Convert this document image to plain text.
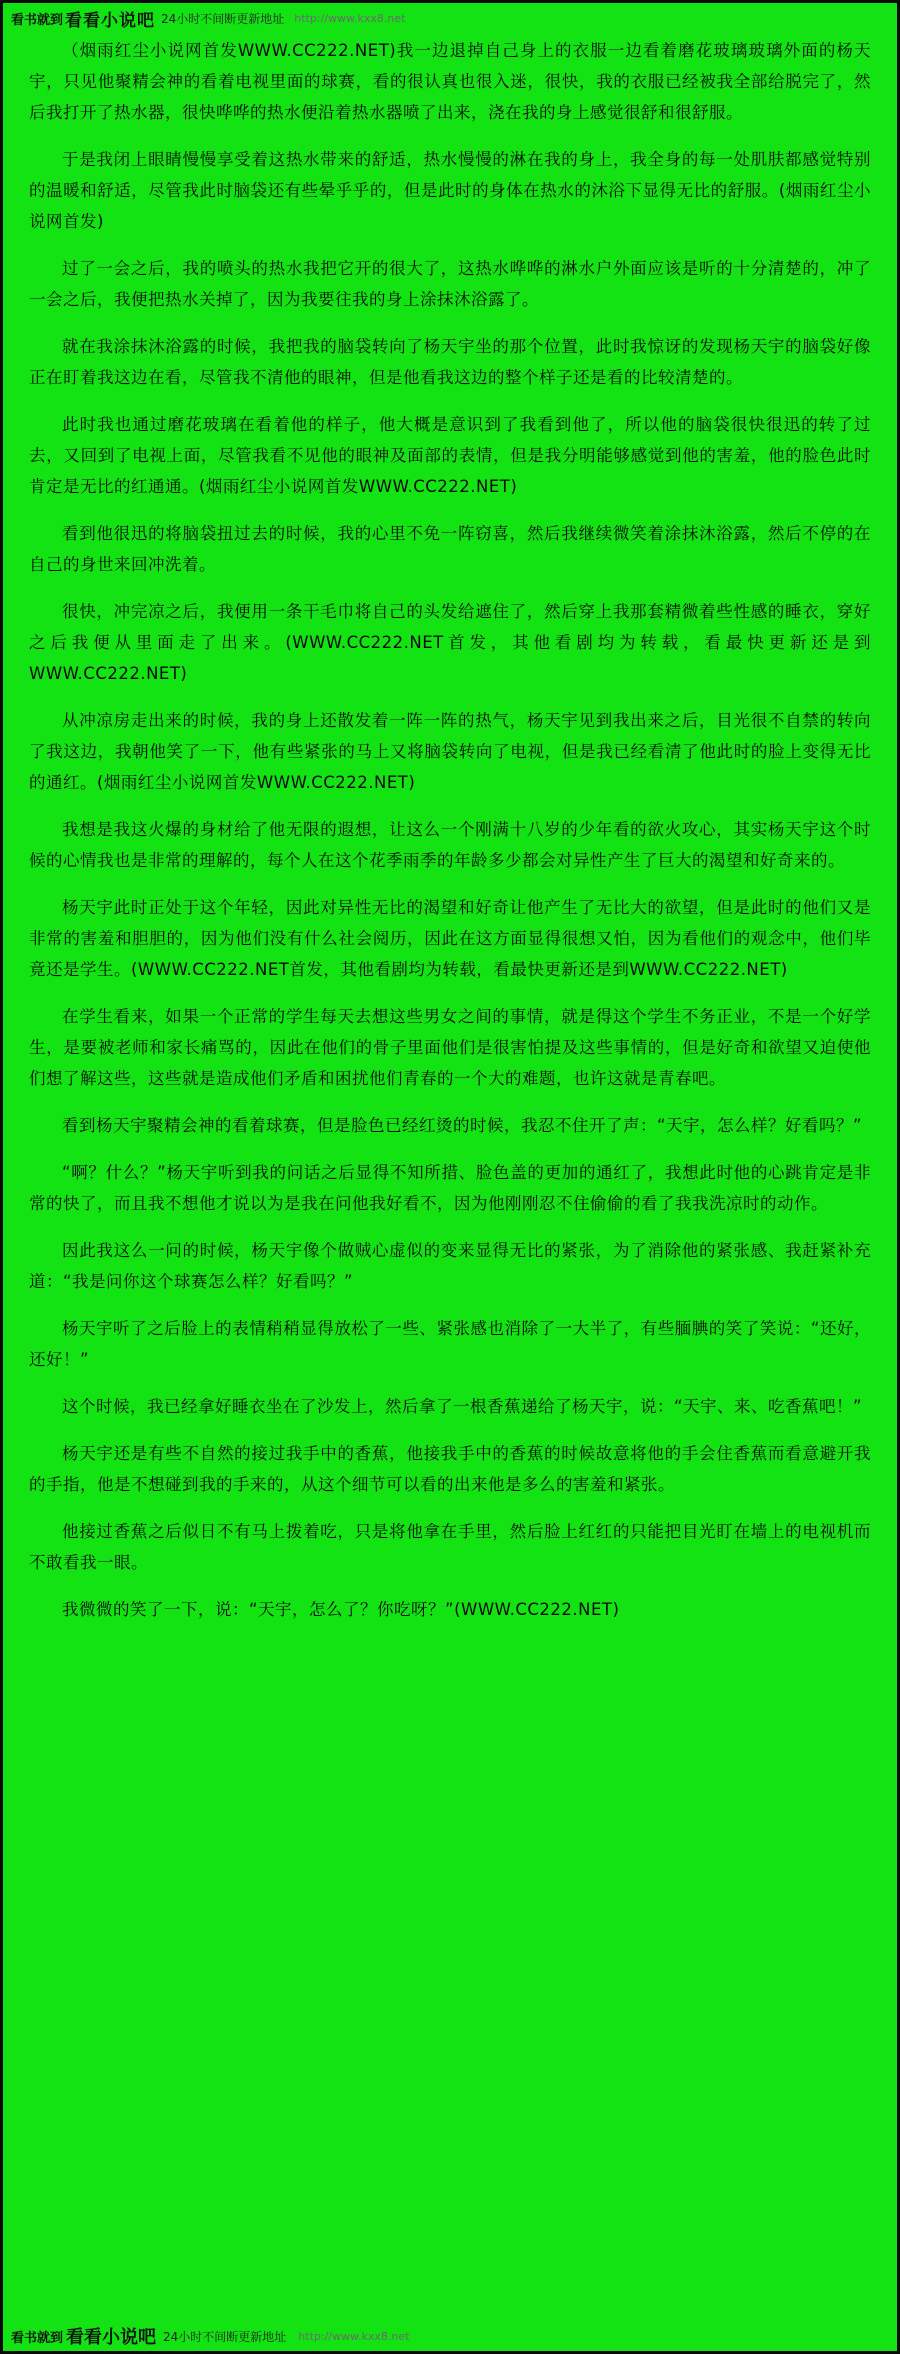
看书就到 看看小说吧 24小时不间断更新地址 http://www.kxx8.net

（烟雨红尘小说网首发WWW.CC222.NET)我一边退掉自己身上的衣服一边看着磨花玻璃玻璃外面的杨天宇，只见他聚精会神的看着电视里面的球赛，看的很认真也很入迷，很快，我的衣服已经被我全部给脱完了，然后我打开了热水器，很快哗哗的热水便沿着热水器喷了出来，浇在我的身上感觉很舒和很舒服。

于是我闭上眼睛慢慢享受着这热水带来的舒适，热水慢慢的淋在我的身上，我全身的每一处肌肤都感觉特别的温暖和舒适，尽管我此时脑袋还有些晕乎乎的，但是此时的身体在热水的沐浴下显得无比的舒服。(烟雨红尘小说网首发)

过了一会之后，我的喷头的热水我把它开的很大了，这热水哗哗的淋水户外面应该是听的十分清楚的，冲了一会之后，我便把热水关掉了，因为我要往我的身上涂抹沐浴露了。

就在我涂抹沐浴露的时候，我把我的脑袋转向了杨天宇坐的那个位置，此时我惊讶的发现杨天宇的脑袋好像正在盯着我这边在看，尽管我不清他的眼神，但是他看我这边的整个样子还是看的比较清楚的。

此时我也通过磨花玻璃在看着他的样子，他大概是意识到了我看到他了，所以他的脑袋很快很迅的转了过去，又回到了电视上面，尽管我看不见他的眼神及面部的表情，但是我分明能够感觉到他的害羞，他的脸色此时肯定是无比的红通通。(烟雨红尘小说网首发WWW.CC222.NET)

看到他很迅的将脑袋扭过去的时候，我的心里不免一阵窃喜，然后我继续微笑着涂抹沐浴露，然后不停的在自己的身世来回冲洗着。

很快，冲完凉之后，我便用一条干毛巾将自己的头发给遮住了，然后穿上我那套精微着些性感的睡衣，穿好之后我便从里面走了出来。(WWW.CC222.NET首发，其他看剧均为转载，看最快更新还是到WWW.CC222.NET)

从冲凉房走出来的时候，我的身上还散发着一阵一阵的热气，杨天宇见到我出来之后，目光很不自禁的转向了我这边，我朝他笑了一下，他有些紧张的马上又将脑袋转向了电视，但是我已经看清了他此时的脸上变得无比的通红。(烟雨红尘小说网首发WWW.CC222.NET)

我想是我这火爆的身材给了他无限的遐想，让这么一个刚满十八岁的少年看的欲火攻心，其实杨天宇这个时候的心情我也是非常的理解的，每个人在这个花季雨季的年龄多少都会对异性产生了巨大的渴望和好奇来的。

杨天宇此时正处于这个年轻，因此对异性无比的渴望和好奇让他产生了无比大的欲望，但是此时的他们又是非常的害羞和胆胆的，因为他们没有什么社会阅历，因此在这方面显得很想又怕，因为看他们的观念中，他们毕竟还是学生。(WWW.CC222.NET首发，其他看剧均为转载，看最快更新还是到WWW.CC222.NET)

在学生看来，如果一个正常的学生每天去想这些男女之间的事情，就是得这个学生不务正业，不是一个好学生，是要被老师和家长痛骂的，因此在他们的骨子里面他们是很害怕提及这些事情的，但是好奇和欲望又迫使他们想了解这些，这些就是造成他们矛盾和困扰他们青春的一个大的难题，也许这就是青春吧。

看到杨天宇聚精会神的看着球赛，但是脸色已经红烫的时候，我忍不住开了声：“天宇，怎么样？好看吗？”

“啊？什么？”杨天宇听到我的问话之后显得不知所措、脸色盖的更加的通红了，我想此时他的心跳肯定是非常的快了，而且我不想他才说以为是我在问他我好看不，因为他刚刚忍不住偷偷的看了我我洗凉时的动作。

因此我这么一问的时候，杨天宇像个做贼心虚似的变来显得无比的紧张，为了消除他的紧张感、我赶紧补充道：“我是问你这个球赛怎么样？好看吗？”

杨天宇听了之后脸上的表情稍稍显得放松了一些、紧张感也消除了一大半了，有些腼腆的笑了笑说：“还好，还好！”

这个时候，我已经拿好睡衣坐在了沙发上，然后拿了一根香蕉递给了杨天宇，说：“天宇、来、吃香蕉吧！”

杨天宇还是有些不自然的接过我手中的香蕉，他接我手中的香蕉的时候故意将他的手会住香蕉而看意避开我的手指，他是不想碰到我的手来的，从这个细节可以看的出来他是多么的害羞和紧张。

他接过香蕉之后似日不有马上拨着吃，只是将他拿在手里，然后脸上红红的只能把目光盯在墙上的电视机而不敢看我一眼。

我微微的笑了一下，说：“天宇，怎么了？你吃呀？”(WWW.CC222.NET)

看书就到 看看小说吧 24小时不间断更新地址 http://www.kxx8.net
